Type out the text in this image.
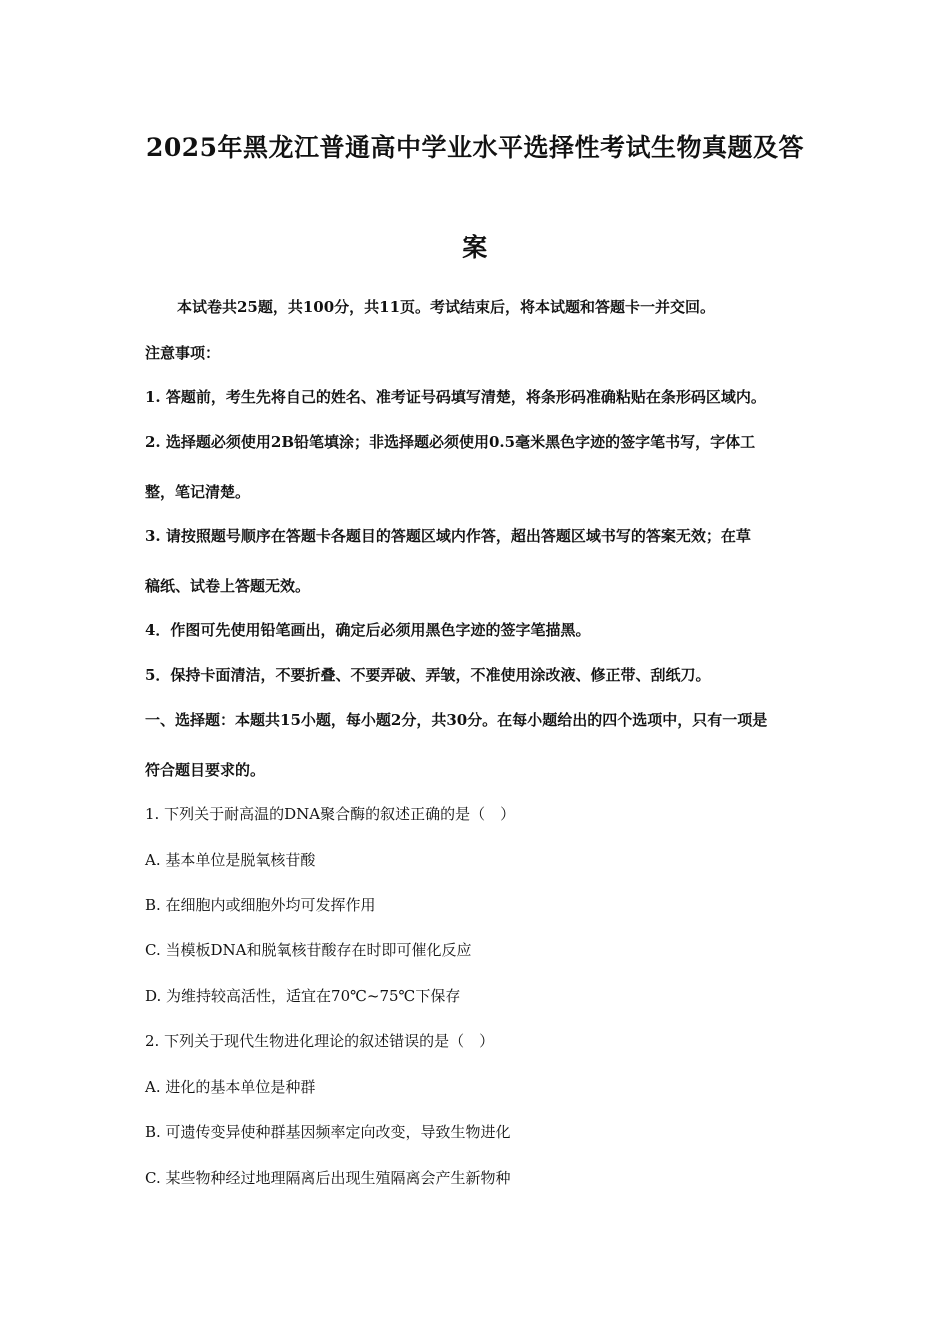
2025年黑龙江普通高中学业水平选择性考试生物真题及答
案
本试卷共25题，共100分，共11页。考试结束后，将本试题和答题卡一并交回。
注意事项：
1. 答题前，考生先将自己的姓名、准考证号码填写清楚，将条形码准确粘贴在条形码区域内。
2. 选择题必须使用2B铅笔填涂；非选择题必须使用0.5毫米黑色字迹的签字笔书写，字体工
整，笔记清楚。
3. 请按照题号顺序在答题卡各题目的答题区域内作答，超出答题区域书写的答案无效；在草
稿纸、试卷上答题无效。
4．作图可先使用铅笔画出，确定后必须用黑色字迹的签字笔描黑。
5．保持卡面清洁，不要折叠、不要弄破、弄皱，不准使用涂改液、修正带、刮纸刀。
一、选择题：本题共15小题，每小题2分，共30分。在每小题给出的四个选项中，只有一项是
符合题目要求的。
1. 下列关于耐高温的DNA聚合酶的叙述正确的是（　）
A. 基本单位是脱氧核苷酸
B. 在细胞内或细胞外均可发挥作用
C. 当模板DNA和脱氧核苷酸存在时即可催化反应
D. 为维持较高活性，适宜在70℃~75℃下保存
2. 下列关于现代生物进化理论的叙述错误的是（　）
A. 进化的基本单位是种群
B. 可遗传变异使种群基因频率定向改变，导致生物进化
C. 某些物种经过地理隔离后出现生殖隔离会产生新物种
